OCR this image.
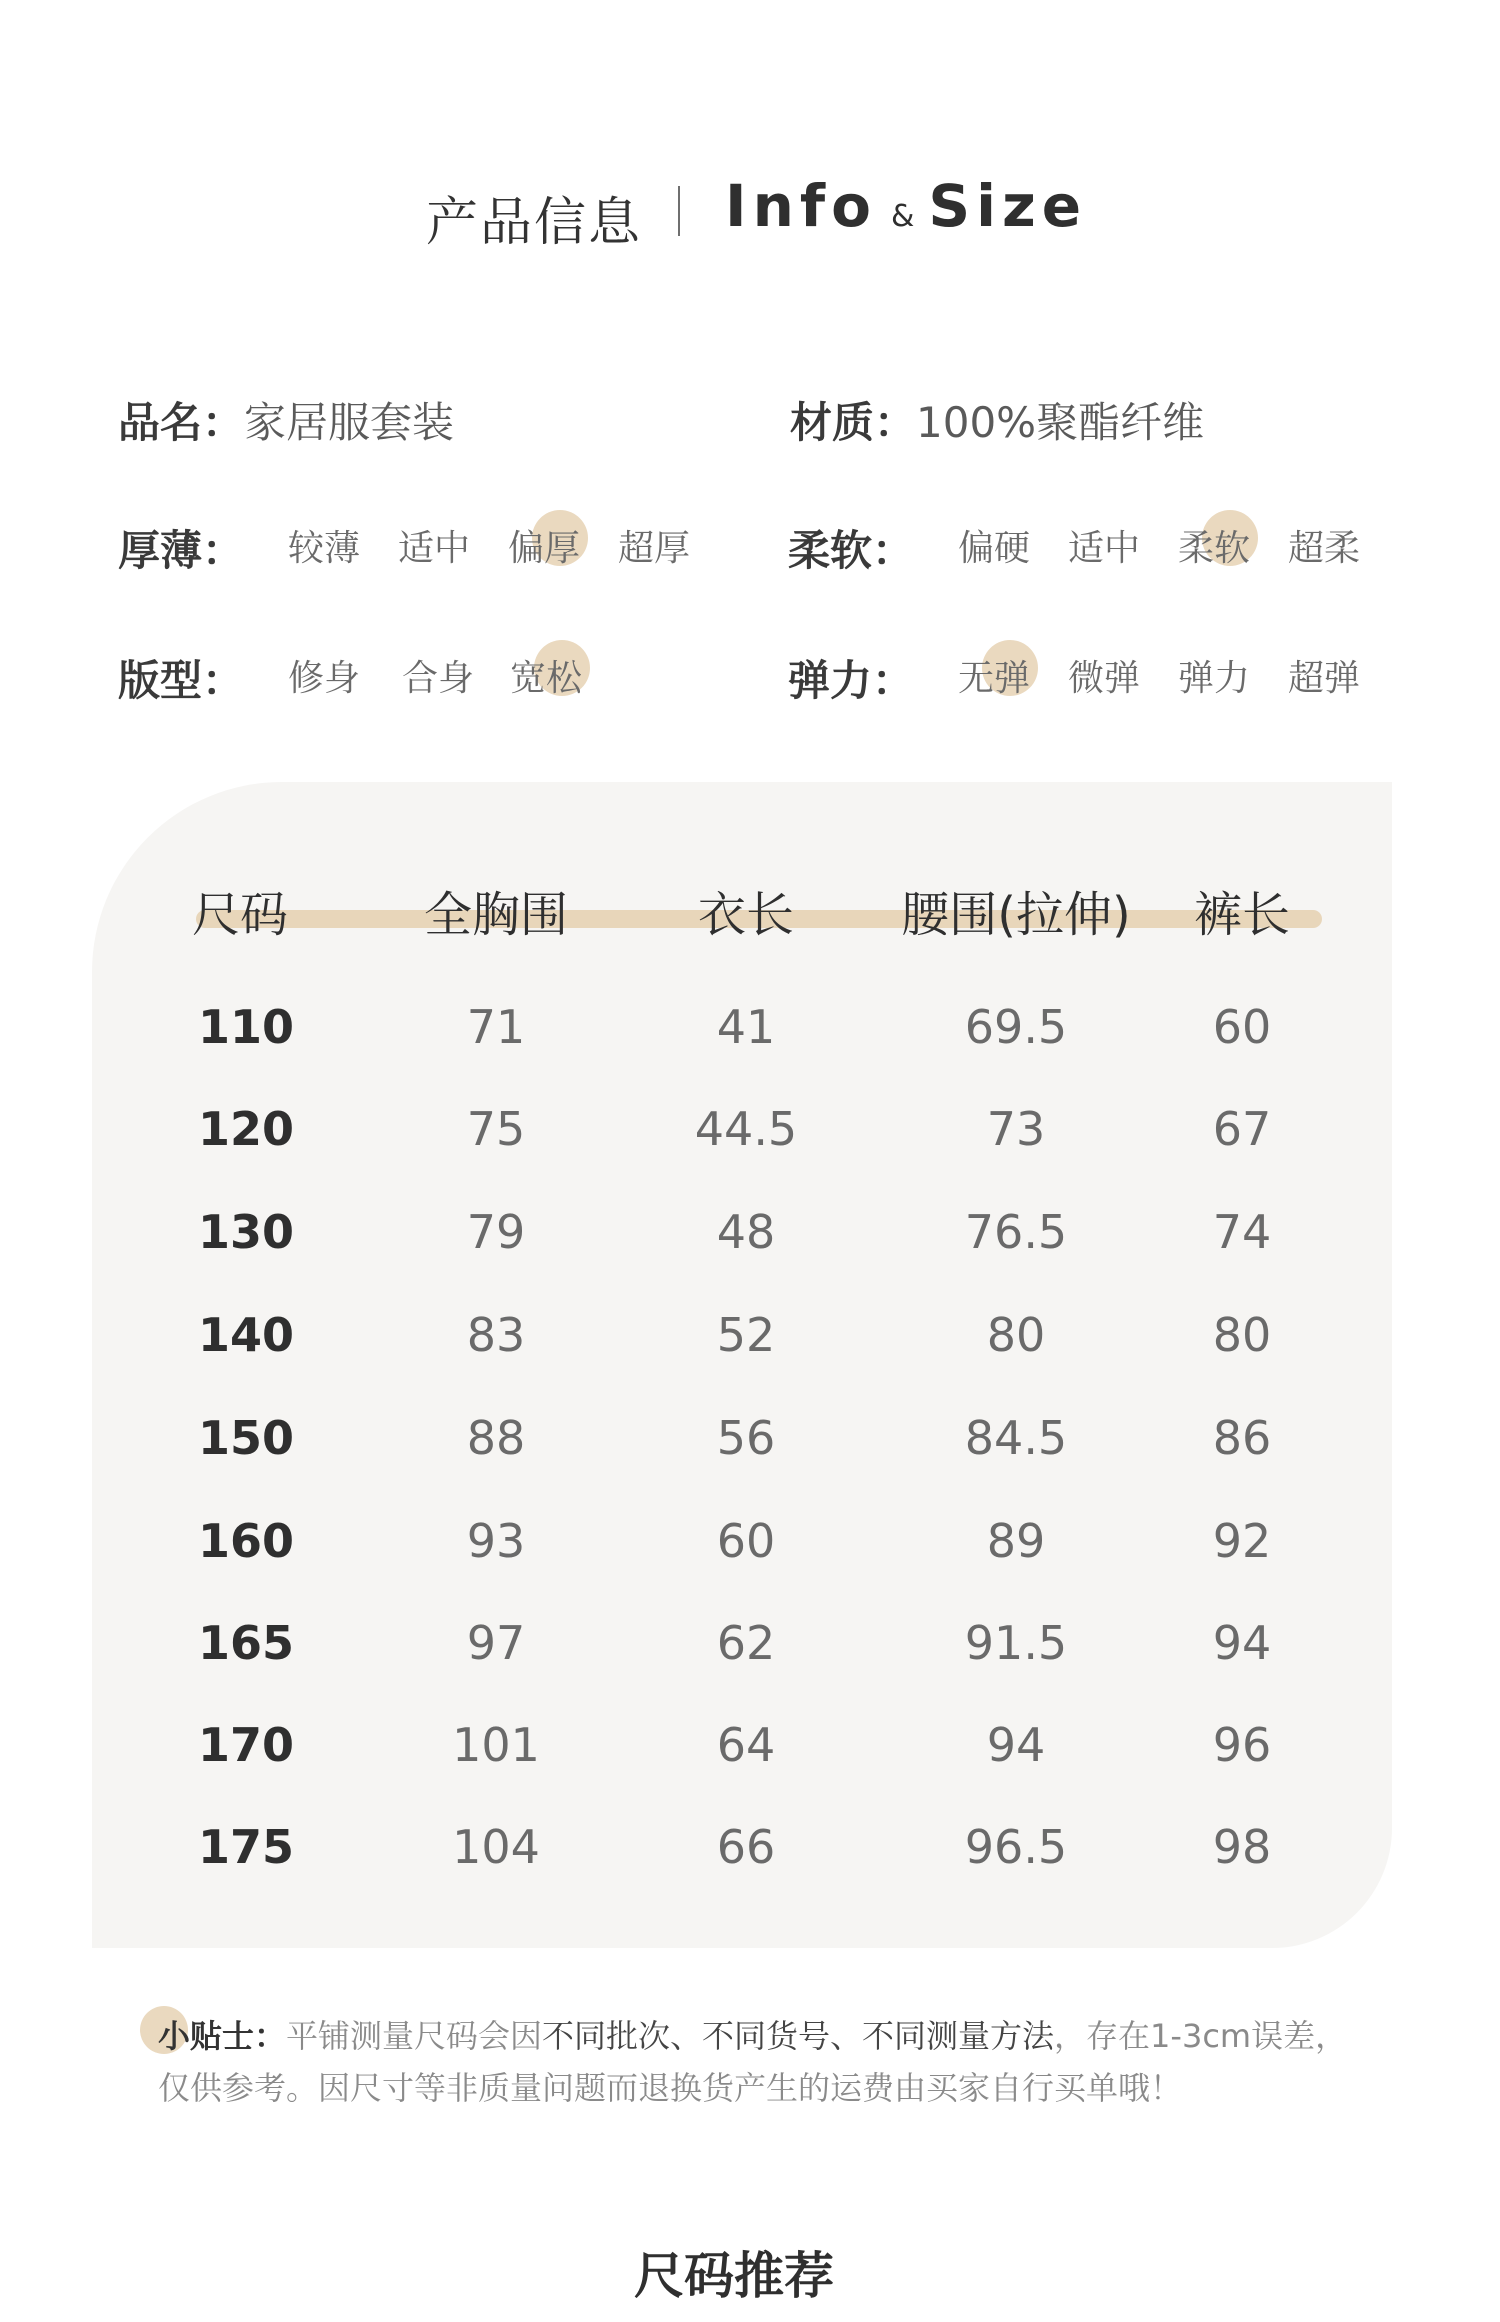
产品信息 Info & Size
品名：家居服套装	材质：100%聚酯纤维
厚薄： 较薄 适中 偏厚 超厚 柔软： 偏硬 适中 柔软 超柔
版型： 修身 合身 宽松	弹力： 无弹 微弹 弹力 超弹
尺码	全胸围	衣长	腰围(拉伸)	裤长
110	71	41	69.5	60
120	75	44.5	73	67
130	79	48	76.5	74
140	83	52	80	80
150	88	56	84.5	86
160	93	60	89	92
165	97	62	91.5	94
170	101	64	94	96
175	104	66	96.5	98
小贴士：平铺测量尺码会因不同批次、不同货号、不同测量方法，存在1-3cm误差，仅供参考。因尺寸等非质量问题而退换货产生的运费由买家自行买单哦！
尺码推荐
